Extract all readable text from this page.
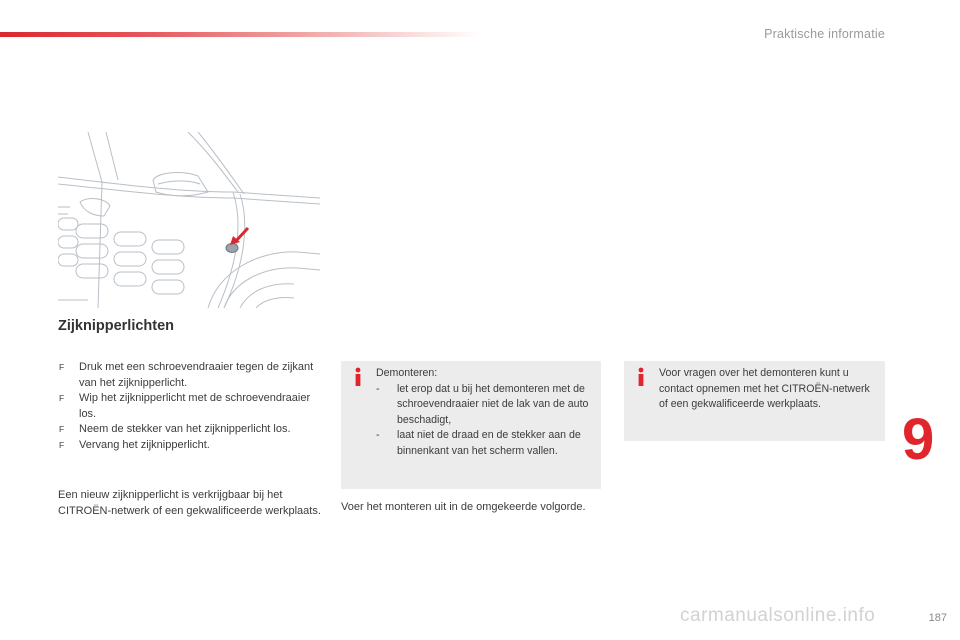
Praktische informatie
Zijknipperlichten
F Druk met een schroevendraaier tegen de zijkant van het zijknipperlicht.
F Wip het zijknipperlicht met de schroevendraaier los.
F Neem de stekker van het zijknipperlicht los.
F Vervang het zijknipperlicht.

Een nieuw zijknipperlicht is verkrijgbaar bij het CITROËN-netwerk of een gekwalificeerde werkplaats.

Demonteren:
- let erop dat u bij het demonteren met de schroevendraaier niet de lak van de auto beschadigt,
- laat niet de draad en de stekker aan de binnenkant van het scherm vallen.

Voer het monteren uit in de omgekeerde volgorde.

Voor vragen over het demonteren kunt u contact opnemen met het CITROËN-netwerk of een gekwalificeerde werkplaats.
9
187
carmanualsonline.info
